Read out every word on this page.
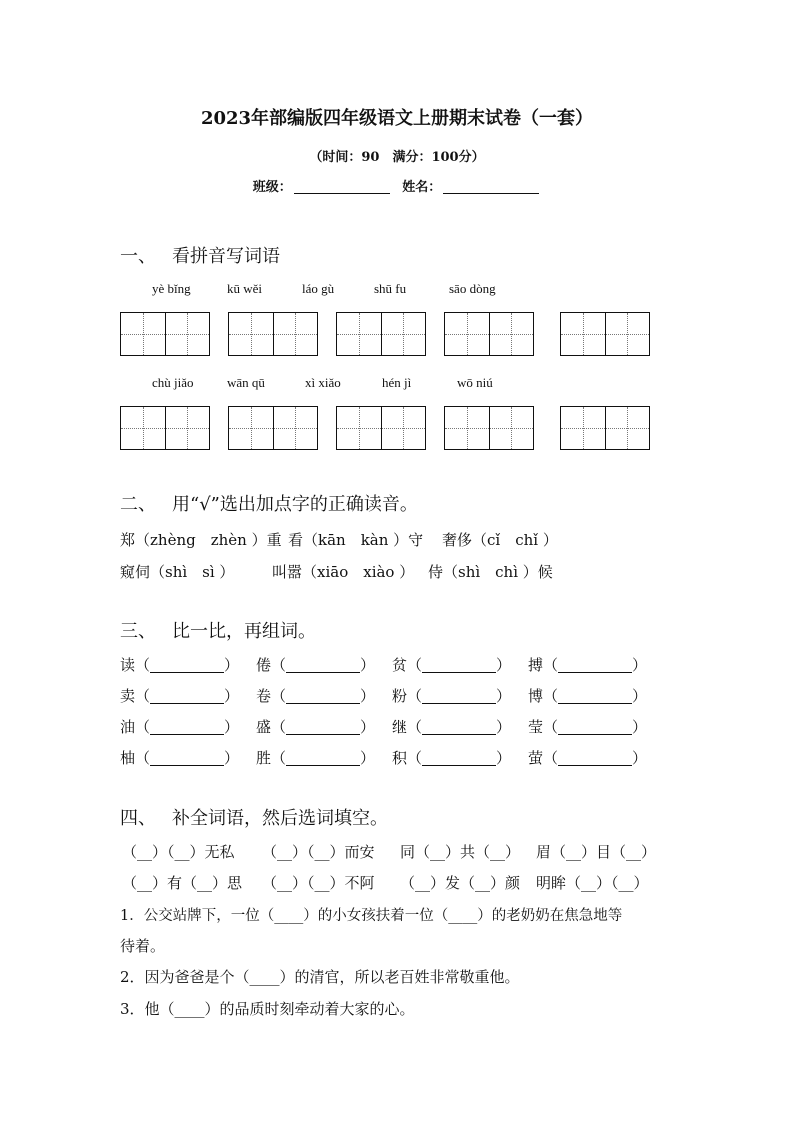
2023年部编版四年级语文上册期末试卷（一套）
（时间：90　满分：100分）
班级：	姓名：
一、 看拼音写词语
yè bǐng	kū wěi	láo gù	shū fu	sāo dòng
chù jiǎo	wān qū	xì xiǎo	hén jì	wō niú
二、 用“√”选出加点字的正确读音。
郑（zhèng　zhèn ）重 看（kān　kàn ）守 奢侈（cǐ　chǐ ）
窥伺（shì　sì ）	叫嚣（xiāo　xiào ） 侍（shì　chì ）候
三、 比一比，再组词。
读（	） 倦（	） 贫（	） 搏（	）
卖（	） 卷（	） 粉（	） 博（	）
油（	） 盛（	） 继（	） 莹（	）
柚（	） 胜（	） 积（	） 萤（	）
四、 补全词语，然后选词填空。
（__）（__）无私 （__）（__）而安 同（__）共（__） 眉（__）目（__）
（__）有（__）思 （__）（__）不阿 （__）发（__）颜 明眸（__）（__）
1．公交站牌下，一位（____）的小女孩扶着一位（____）的老奶奶在焦急地等
待着。
2．因为爸爸是个（____）的清官，所以老百姓非常敬重他。
3．他（____）的品质时刻牵动着大家的心。
